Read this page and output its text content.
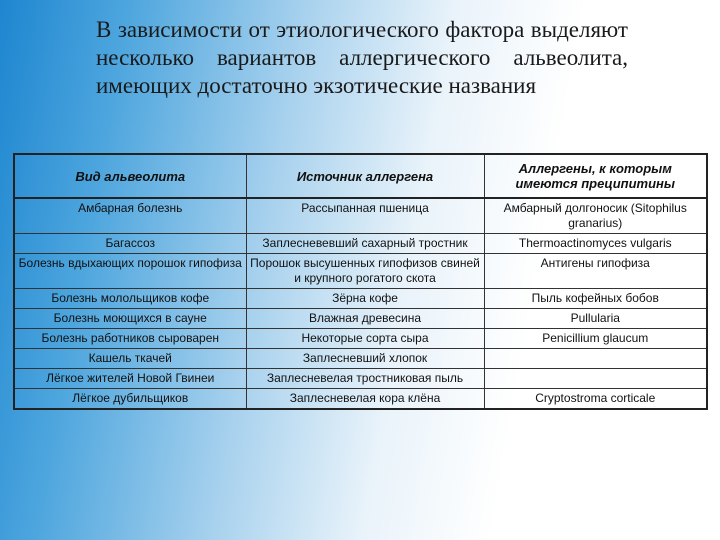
В зависимости от этиологического фактора выделяют несколько вариантов аллергического альвеолита, имеющих достаточно экзотические названия

Вид альвеолита	Источник аллергена	Аллергены, к которым имеются преципитины
Амбарная болезнь	Рассыпанная пшеница	Амбарный долгоносик (Sitophilus granarius)
Багассоз	Заплесневевший сахарный тростник	Thermoactinomyces vulgaris
Болезнь вдыхающих порошок гипофиза	Порошок высушенных гипофизов свиней и крупного рогатого скота	Антигены гипофиза
Болезнь молольщиков кофе	Зёрна кофе	Пыль кофейных бобов
Болезнь моющихся в сауне	Влажная древесина	Pullularia
Болезнь работников сыроварен	Некоторые сорта сыра	Penicillium glaucum
Кашель ткачей	Заплесневший хлопок	
Лёгкое жителей Новой Гвинеи	Заплесневелая тростниковая пыль	
Лёгкое дубильщиков	Заплесневелая кора клёна	Cryptostroma corticale
